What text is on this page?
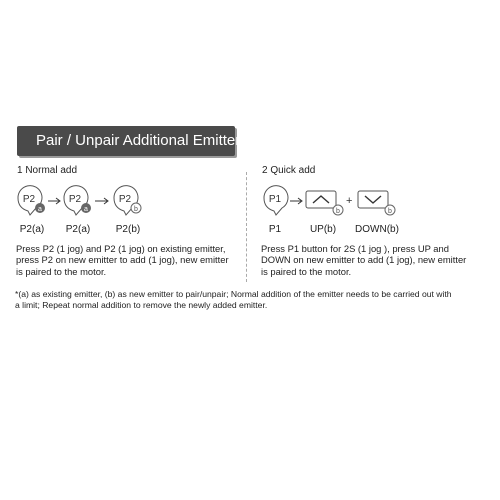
Pair / Unpair Additional Emitter
1 Normal add
P2
a
P2
a
P2
b
P2(a) P2(a)	P2(b)
Press P2 (1 jog) and P2 (1 jog) on existing emitter,
press P2 on new emitter to add (1 jog), new emitter
is paired to the motor.
2 Quick add
P1
b
+
b
P1	UP(b)	DOWN(b)
Press P1 button for 2S (1 jog ), press UP and
DOWN on new emitter to add (1 jog), new emitter
is paired to the motor.
*(a) as existing emitter, (b) as new emitter to pair/unpair; Normal addition of the emitter needs to be carried out with
a limit; Repeat normal addition to remove the newly added emitter.
